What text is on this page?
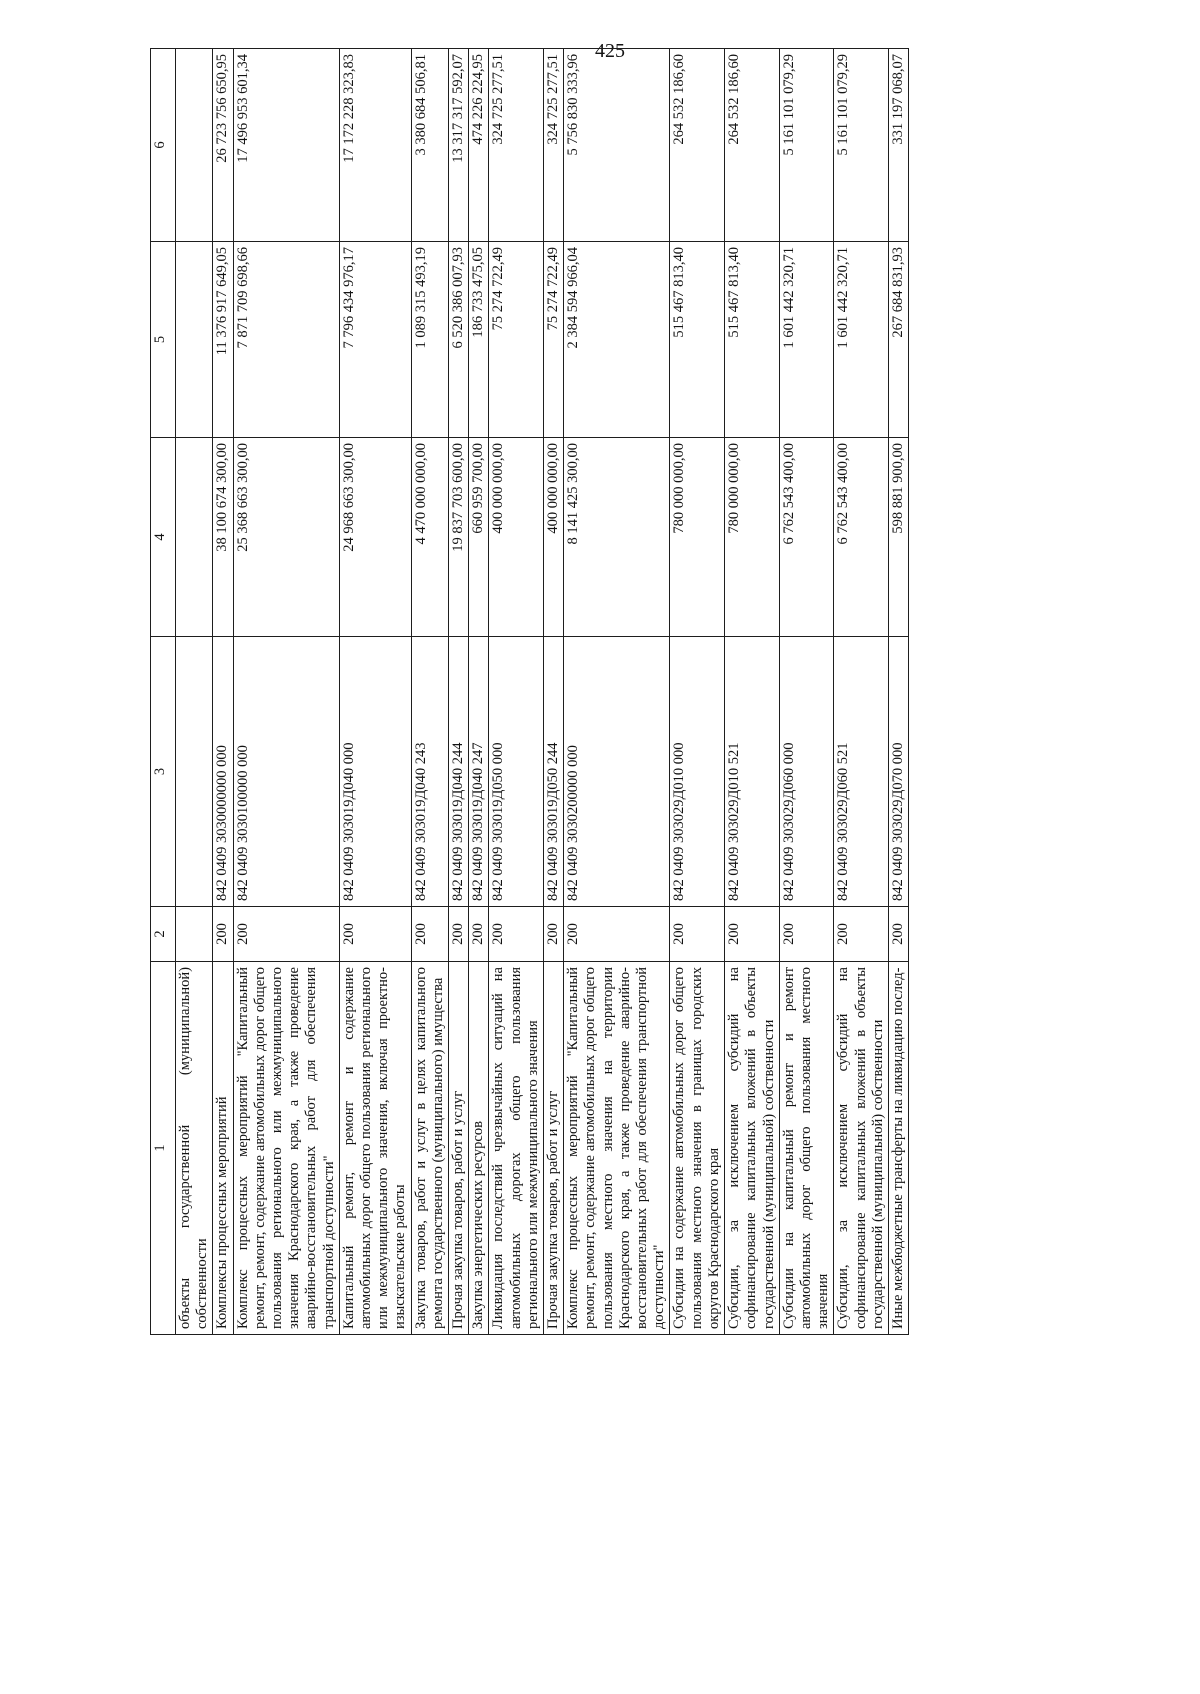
425
1	2	3	4	5	6
объекты государственной (муниципальной) собственности					
Комплексы процессных мероприятий	200	842 0409 3030000000 000	38 100 674 300,00	11 376 917 649,05	26 723 756 650,95
Комплекс процессных мероприятий "Капитальный ремонт, ремонт, содержание автомобильных дорог общего пользования регионального или межмуниципального значения Краснодарского края, а также проведение аварийно-восстановительных работ для обеспечения транспортной доступности"	200	842 0409 3030100000 000	25 368 663 300,00	7 871 709 698,66	17 496 953 601,34
Капитальный ремонт, ремонт и содержание автомобильных дорог общего пользования регионального или межмуниципального значения, включая проектно-изыскательские работы	200	842 0409 303019Д040 000	24 968 663 300,00	7 796 434 976,17	17 172 228 323,83
Закупка товаров, работ и услуг в целях капитального ремонта государственного (муниципального) имущества	200	842 0409 303019Д040 243	4 470 000 000,00	1 089 315 493,19	3 380 684 506,81
Прочая закупка товаров, работ и услуг	200	842 0409 303019Д040 244	19 837 703 600,00	6 520 386 007,93	13 317 317 592,07
Закупка энергетических ресурсов	200	842 0409 303019Д040 247	660 959 700,00	186 733 475,05	474 226 224,95
Ликвидация последствий чрезвычайных ситуаций на автомобильных дорогах общего пользования регионального или межмуниципального значения	200	842 0409 303019Д050 000	400 000 000,00	75 274 722,49	324 725 277,51
Прочая закупка товаров, работ и услуг	200	842 0409 303019Д050 244	400 000 000,00	75 274 722,49	324 725 277,51
Комплекс процессных мероприятий "Капитальный ремонт, ремонт, содержание автомобильных дорог общего пользования местного значения на территории Краснодарского края, а также проведение аварийно-восстановительных работ для обеспечения транспортной доступности"	200	842 0409 3030200000 000	8 141 425 300,00	2 384 594 966,04	5 756 830 333,96
Субсидии на содержание автомобильных дорог общего пользования местного значения в границах городских округов Краснодарского края	200	842 0409 303029Д010 000	780 000 000,00	515 467 813,40	264 532 186,60
Субсидии, за исключением субсидий на софинансирование капитальных вложений в объекты государственной (муниципальной) собственности	200	842 0409 303029Д010 521	780 000 000,00	515 467 813,40	264 532 186,60
Субсидии на капитальный ремонт и ремонт автомобильных дорог общего пользования местного значения	200	842 0409 303029Д060 000	6 762 543 400,00	1 601 442 320,71	5 161 101 079,29
Субсидии, за исключением субсидий на софинансирование капитальных вложений в объекты государственной (муниципальной) собственности	200	842 0409 303029Д060 521	6 762 543 400,00	1 601 442 320,71	5 161 101 079,29
Иные межбюджетные трансферты на ликвидацию послед-	200	842 0409 303029Д070 000	598 881 900,00	267 684 831,93	331 197 068,07
